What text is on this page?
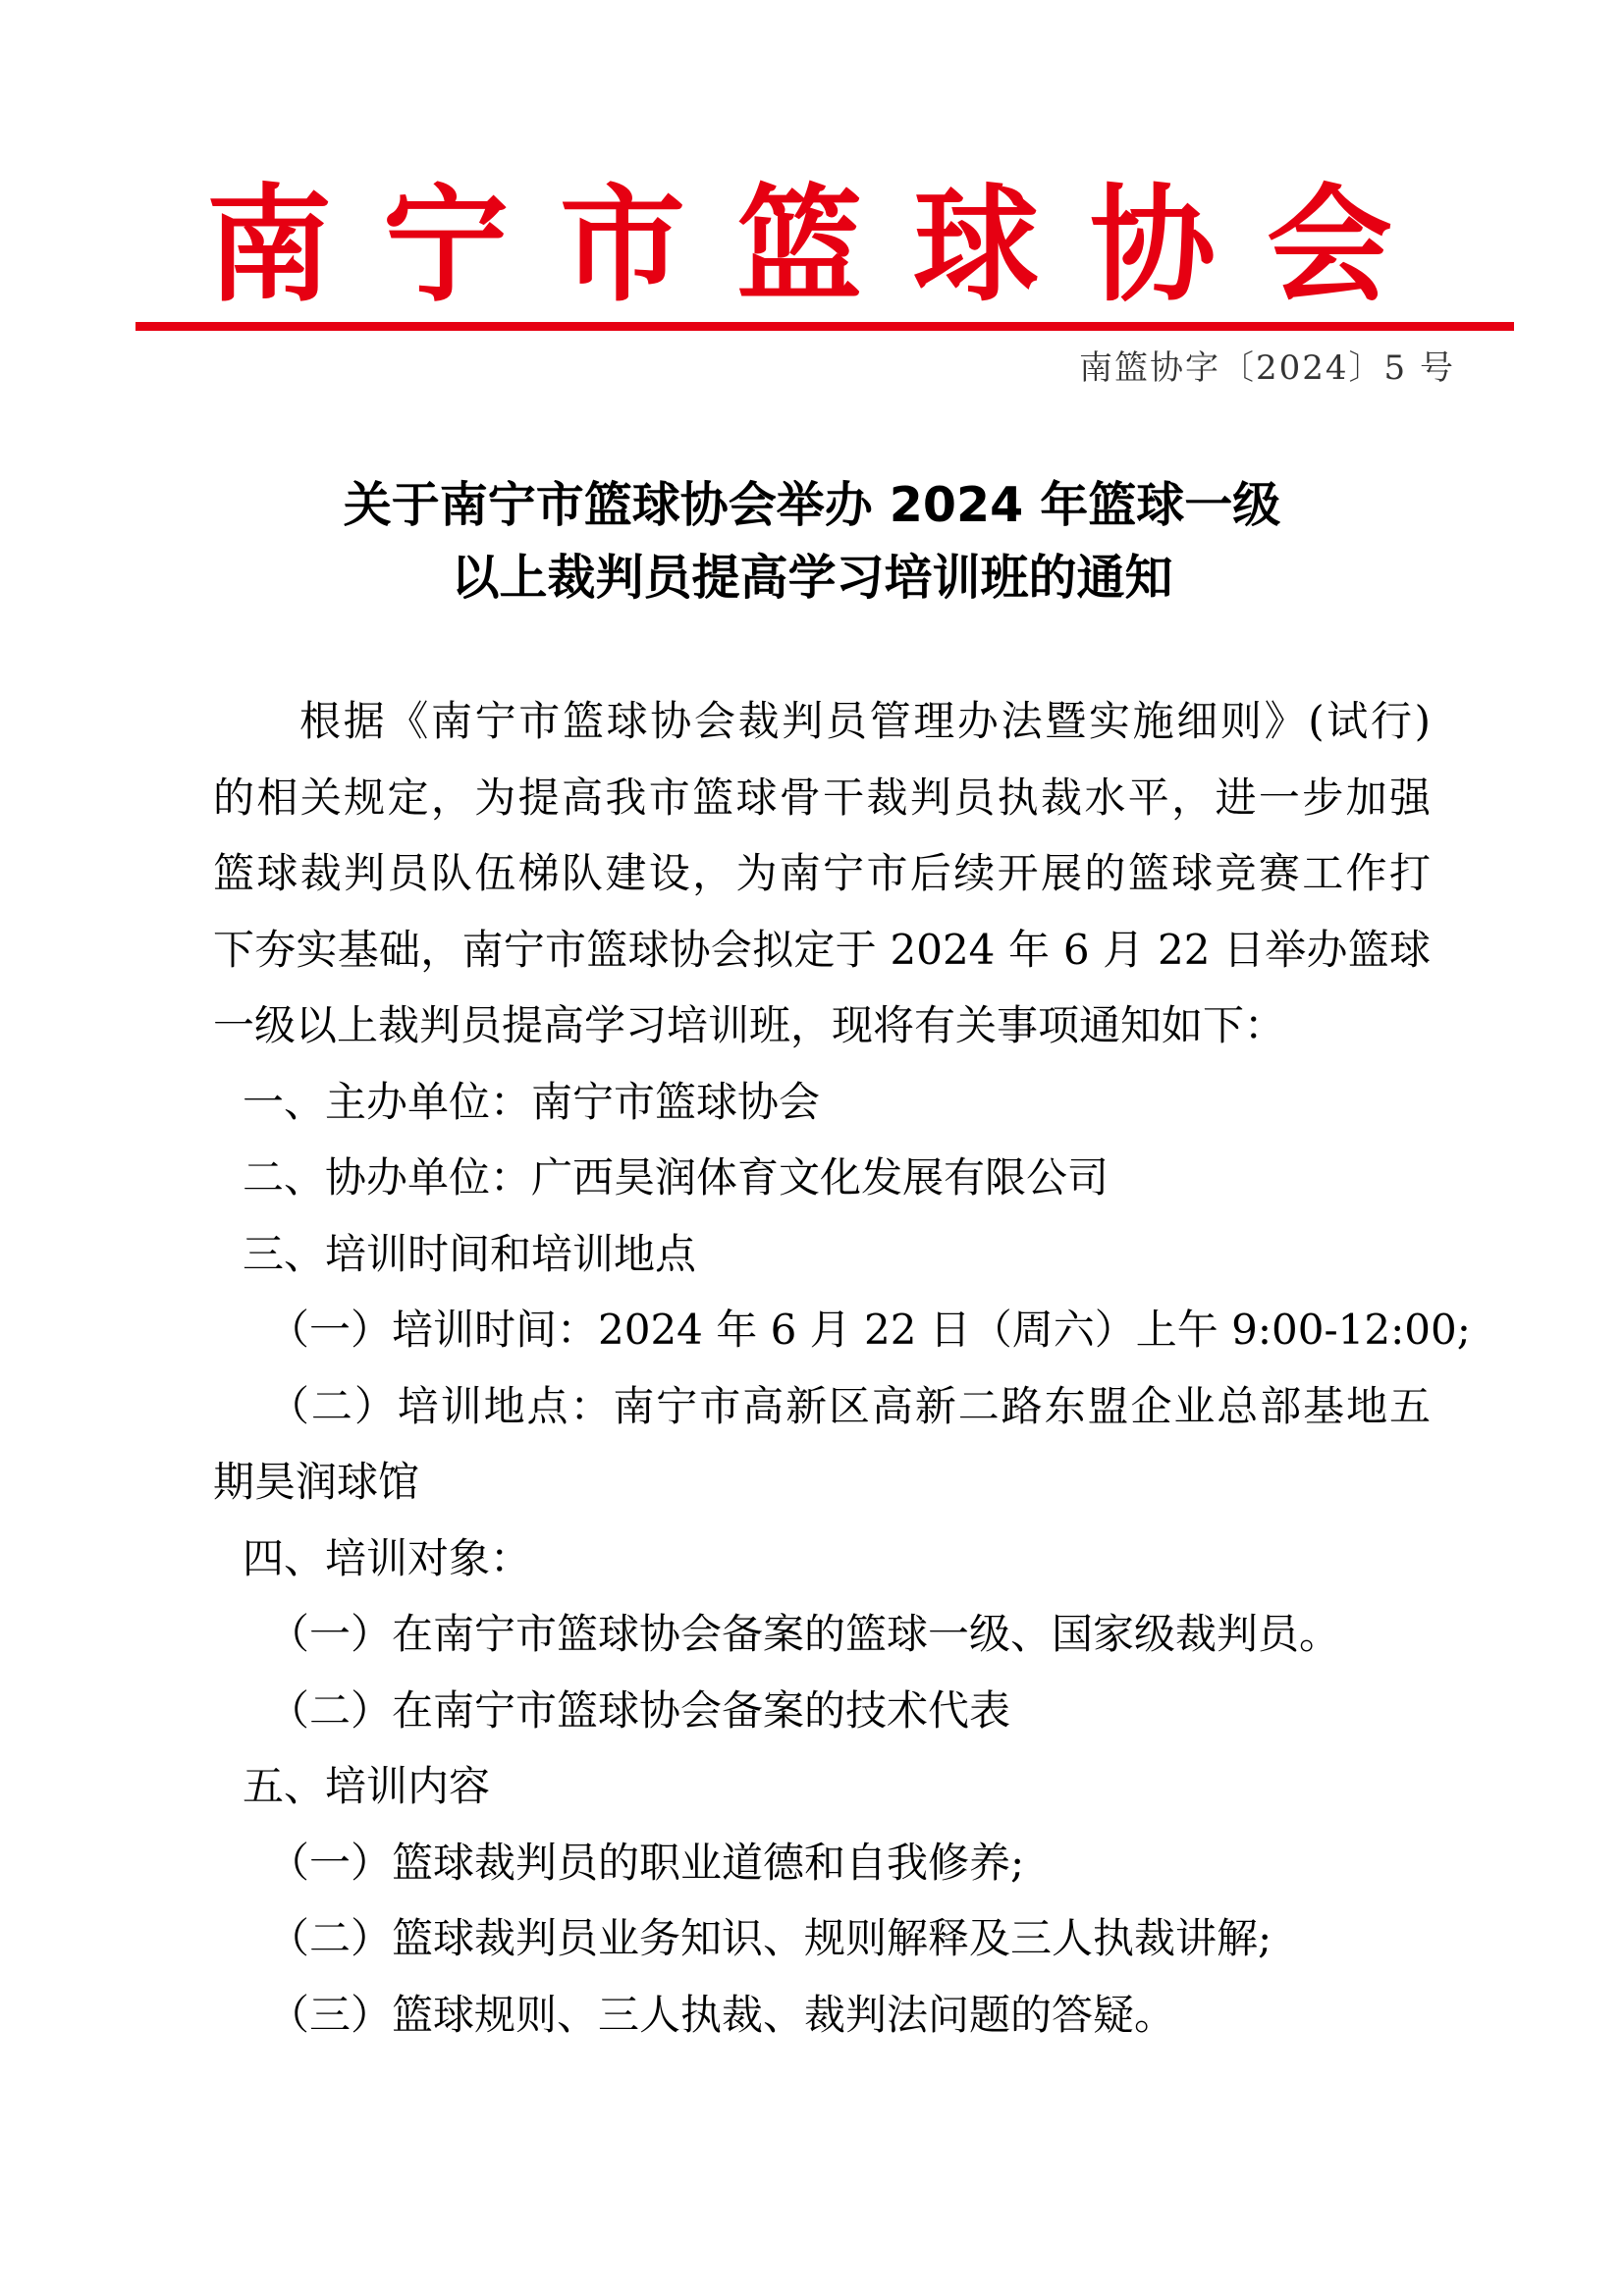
南宁市篮球协会
南篮协字〔2024〕5 号
关于南宁市篮球协会举办 2024 年篮球一级
以上裁判员提高学习培训班的通知
根据《南宁市篮球协会裁判员管理办法暨实施细则》(试行)
的相关规定，为提高我市篮球骨干裁判员执裁水平，进一步加强
篮球裁判员队伍梯队建设，为南宁市后续开展的篮球竞赛工作打
下夯实基础，南宁市篮球协会拟定于 2024 年 6 月 22 日举办篮球
一级以上裁判员提高学习培训班，现将有关事项通知如下：
一、主办单位：南宁市篮球协会
二、协办单位：广西昊润体育文化发展有限公司
三、培训时间和培训地点
（一）培训时间：2024 年 6 月 22 日（周六）上午 9:00-12:00;
（二）培训地点：南宁市高新区高新二路东盟企业总部基地五
期昊润球馆
四、培训对象：
（一）在南宁市篮球协会备案的篮球一级、国家级裁判员。
（二）在南宁市篮球协会备案的技术代表
五、培训内容
（一）篮球裁判员的职业道德和自我修养;
（二）篮球裁判员业务知识、规则解释及三人执裁讲解;
（三）篮球规则、三人执裁、裁判法问题的答疑。
